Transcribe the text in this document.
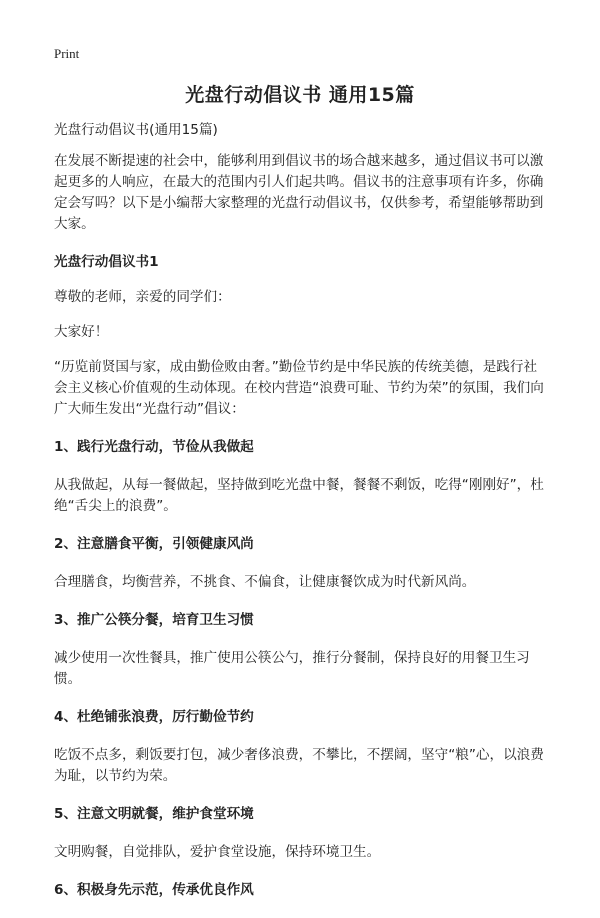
Print
光盘行动倡议书 通用15篇

光盘行动倡议书(通用15篇)

在发展不断提速的社会中，能够利用到倡议书的场合越来越多，通过倡议书可以激起更多的人响应，在最大的范围内引人们起共鸣。倡议书的注意事项有许多，你确定会写吗？以下是小编帮大家整理的光盘行动倡议书，仅供参考，希望能够帮助到大家。

光盘行动倡议书1

尊敬的老师，亲爱的同学们：

大家好！

“历览前贤国与家，成由勤俭败由奢。”勤俭节约是中华民族的传统美德，是践行社会主义核心价值观的生动体现。在校内营造“浪费可耻、节约为荣”的氛围，我们向广大师生发出“光盘行动”倡议：

1、践行光盘行动，节俭从我做起

从我做起，从每一餐做起，坚持做到吃光盘中餐，餐餐不剩饭，吃得“刚刚好”，杜绝“舌尖上的浪费”。

2、注意膳食平衡，引领健康风尚

合理膳食，均衡营养，不挑食、不偏食，让健康餐饮成为时代新风尚。

3、推广公筷分餐，培育卫生习惯

减少使用一次性餐具，推广使用公筷公勺，推行分餐制，保持良好的用餐卫生习惯。

4、杜绝铺张浪费，厉行勤俭节约

吃饭不点多，剩饭要打包，减少奢侈浪费，不攀比，不摆阔，坚守“粮”心，以浪费为耻，以节约为荣。

5、注意文明就餐，维护食堂环境

文明购餐，自觉排队，爱护食堂设施，保持环境卫生。

6、积极身先示范，传承优良作风
